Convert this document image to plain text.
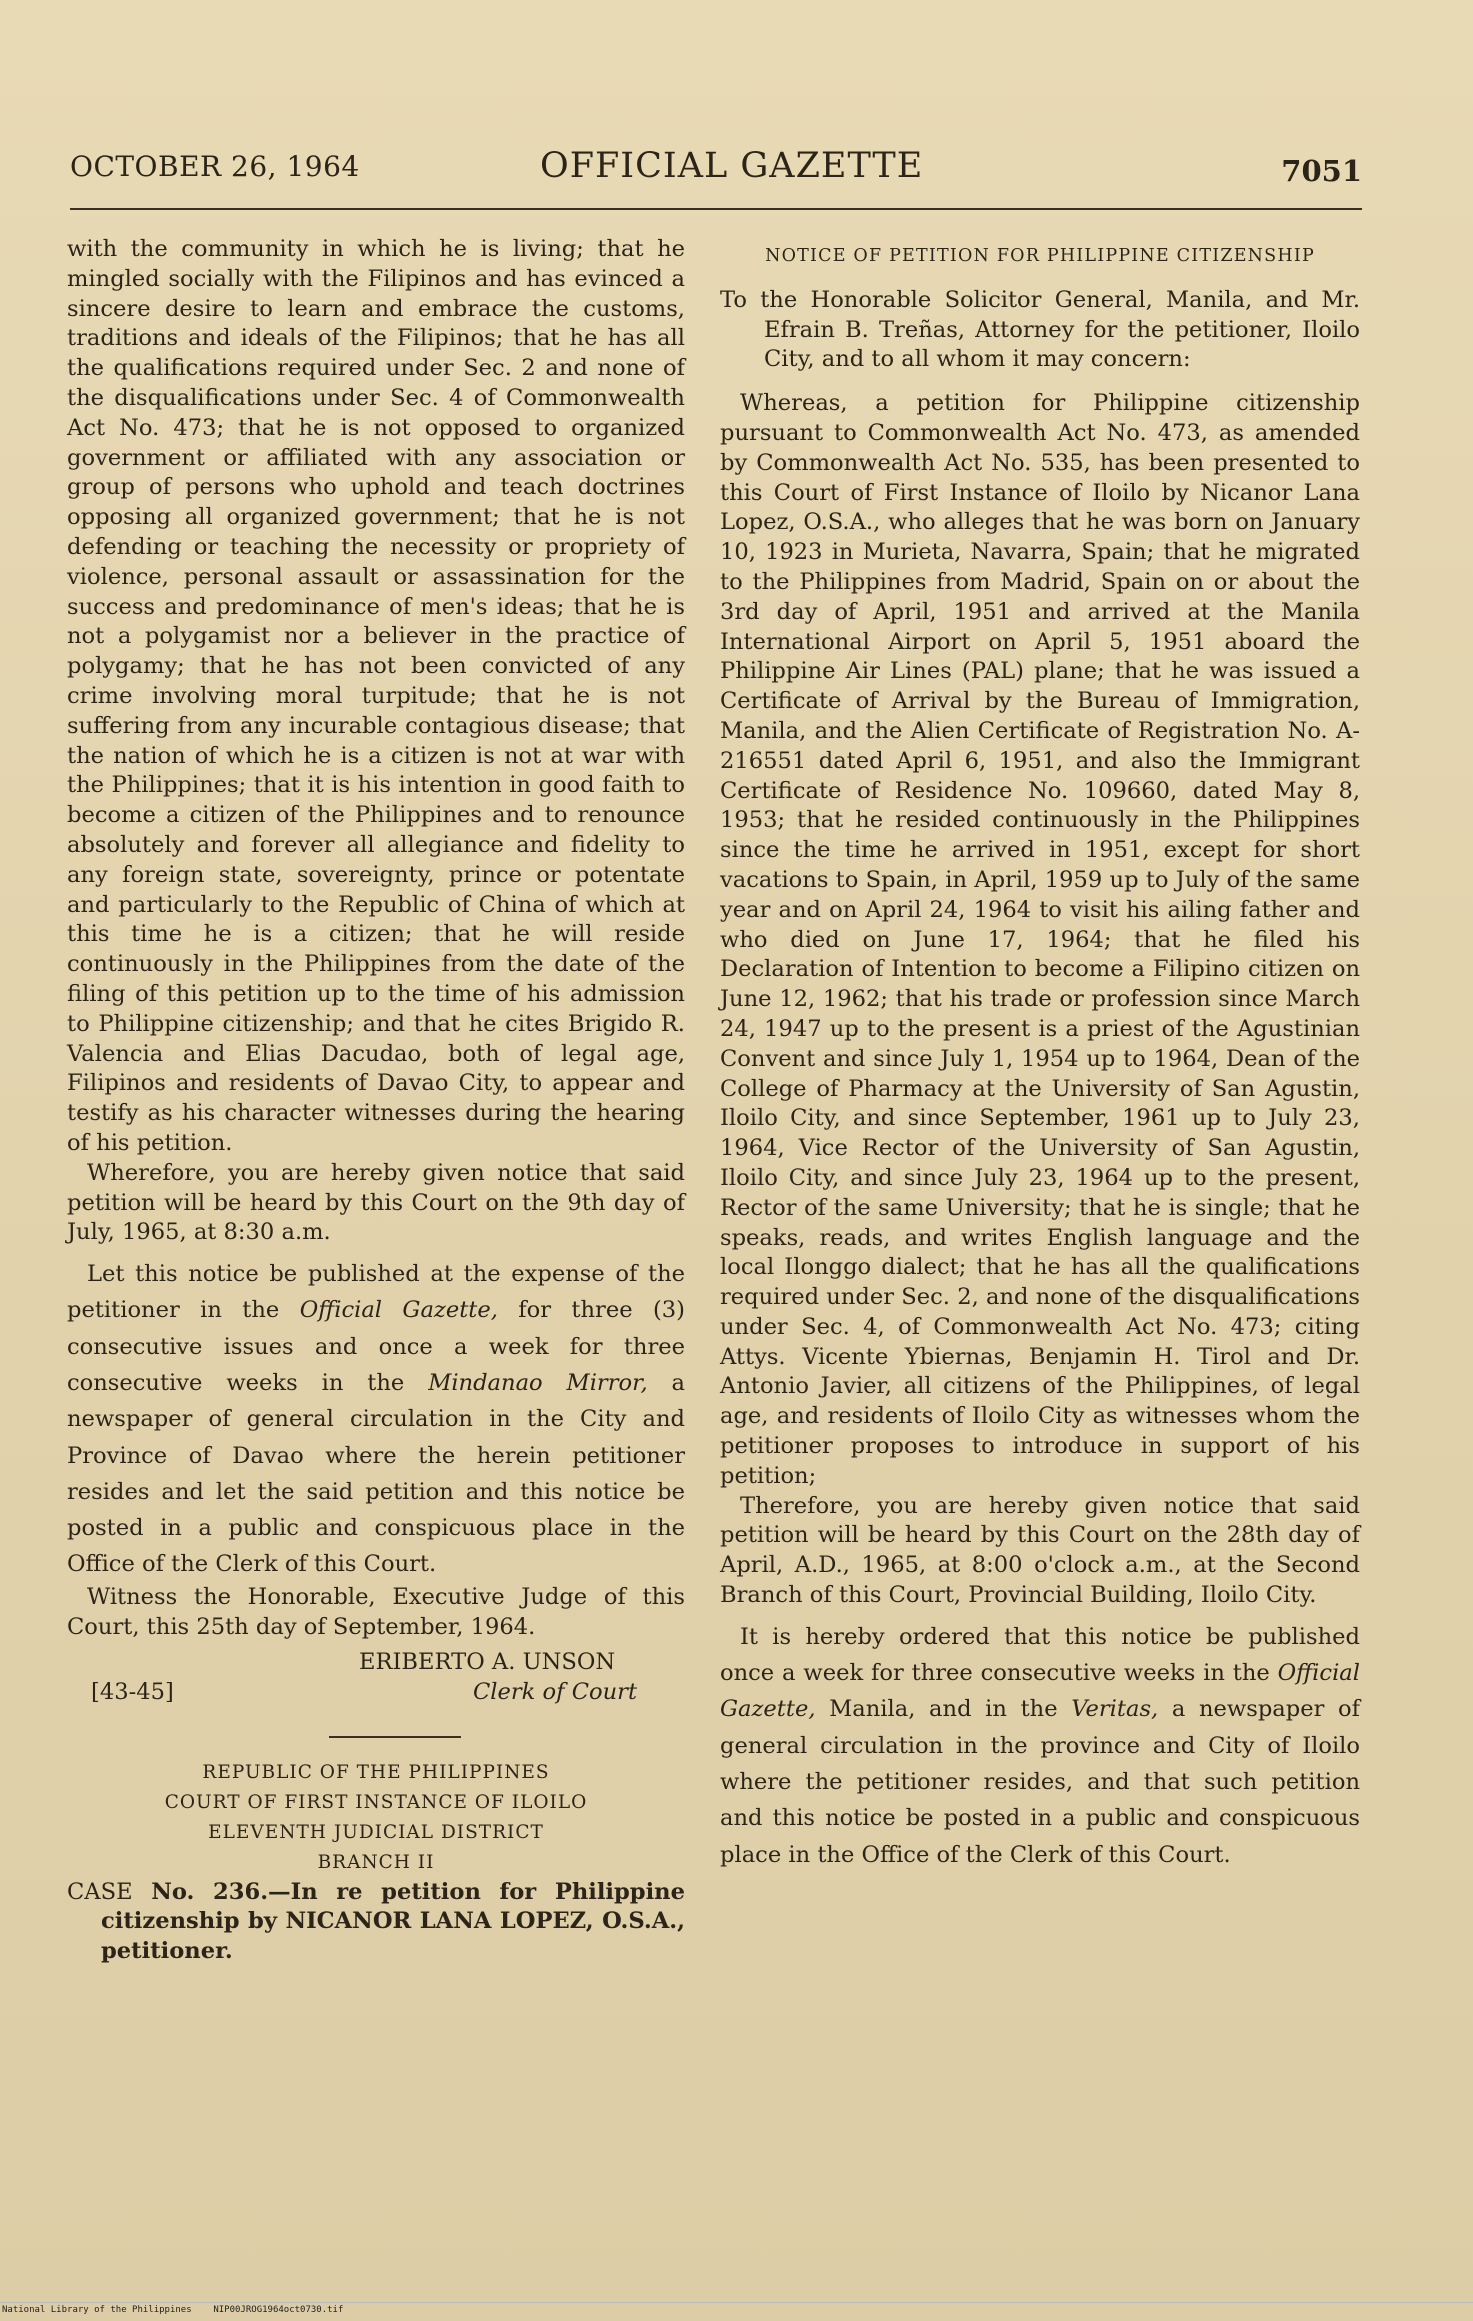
OCTOBER 26, 1964	OFFICIAL GAZETTE	7051

with the community in which he is living; that he mingled socially with the Filipinos and has evinced a sincere desire to learn and embrace the customs, traditions and ideals of the Filipinos; that he has all the qualifications required under Sec. 2 and none of the disqualifications under Sec. 4 of Commonwealth Act No. 473; that he is not opposed to organized government or affiliated with any association or group of persons who uphold and teach doctrines opposing all organized government; that he is not defending or teaching the necessity or propriety of violence, personal assault or assassination for the success and predominance of men's ideas; that he is not a polygamist nor a believer in the practice of polygamy; that he has not been convicted of any crime involving moral turpitude; that he is not suffering from any incurable contagious disease; that the nation of which he is a citizen is not at war with the Philippines; that it is his intention in good faith to become a citizen of the Philippines and to renounce absolutely and forever all allegiance and fidelity to any foreign state, sovereignty, prince or potentate and particularly to the Republic of China of which at this time he is a citizen; that he will reside continuously in the Philippines from the date of the filing of this petition up to the time of his admission to Philippine citizenship; and that he cites Brigido R. Valencia and Elias Dacudao, both of legal age, Filipinos and residents of Davao City, to appear and testify as his character witnesses during the hearing of his petition.

Wherefore, you are hereby given notice that said petition will be heard by this Court on the 9th day of July, 1965, at 8:30 a.m.

Let this notice be published at the expense of the petitioner in the Official Gazette, for three (3) consecutive issues and once a week for three consecutive weeks in the Mindanao Mirror, a newspaper of general circulation in the City and Province of Davao where the herein petitioner resides and let the said petition and this notice be posted in a public and conspicuous place in the Office of the Clerk of this Court.

Witness the Honorable, Executive Judge of this Court, this 25th day of September, 1964.

ERIBERTO A. UNSON
[43-45]	Clerk of Court
REPUBLIC OF THE PHILIPPINES
COURT OF FIRST INSTANCE OF ILOILO
ELEVENTH JUDICIAL DISTRICT
BRANCH II

CASE No. 236.—In re petition for Philippine citizenship by NICANOR LANA LOPEZ, O.S.A., petitioner.

NOTICE OF PETITION FOR PHILIPPINE CITIZENSHIP

To the Honorable Solicitor General, Manila, and Mr. Efrain B. Treñas, Attorney for the petitioner, Iloilo City, and to all whom it may concern:

Whereas, a petition for Philippine citizenship pursuant to Commonwealth Act No. 473, as amended by Commonwealth Act No. 535, has been presented to this Court of First Instance of Iloilo by Nicanor Lana Lopez, O.S.A., who alleges that he was born on January 10, 1923 in Murieta, Navarra, Spain; that he migrated to the Philippines from Madrid, Spain on or about the 3rd day of April, 1951 and arrived at the Manila International Airport on April 5, 1951 aboard the Philippine Air Lines (PAL) plane; that he was issued a Certificate of Arrival by the Bureau of Immigration, Manila, and the Alien Certificate of Registration No. A-216551 dated April 6, 1951, and also the Immigrant Certificate of Residence No. 109660, dated May 8, 1953; that he resided continuously in the Philippines since the time he arrived in 1951, except for short vacations to Spain, in April, 1959 up to July of the same year and on April 24, 1964 to visit his ailing father and who died on June 17, 1964; that he filed his Declaration of Intention to become a Filipino citizen on June 12, 1962; that his trade or profession since March 24, 1947 up to the present is a priest of the Agustinian Convent and since July 1, 1954 up to 1964, Dean of the College of Pharmacy at the University of San Agustin, Iloilo City, and since September, 1961 up to July 23, 1964, Vice Rector of the University of San Agustin, Iloilo City, and since July 23, 1964 up to the present, Rector of the same University; that he is single; that he speaks, reads, and writes English language and the local Ilonggo dialect; that he has all the qualifications required under Sec. 2, and none of the disqualifications under Sec. 4, of Commonwealth Act No. 473; citing Attys. Vicente Ybiernas, Benjamin H. Tirol and Dr. Antonio Javier, all citizens of the Philippines, of legal age, and residents of Iloilo City as witnesses whom the petitioner proposes to introduce in support of his petition;

Therefore, you are hereby given notice that said petition will be heard by this Court on the 28th day of April, A.D., 1965, at 8:00 o'clock a.m., at the Second Branch of this Court, Provincial Building, Iloilo City.

It is hereby ordered that this notice be published once a week for three consecutive weeks in the Official Gazette, Manila, and in the Veritas, a newspaper of general circulation in the province and City of Iloilo where the petitioner resides, and that such petition and this notice be posted in a public and conspicuous place in the Office of the Clerk of this Court.

National Library of the Philippines NIP00JROG1964oct0730.tif
